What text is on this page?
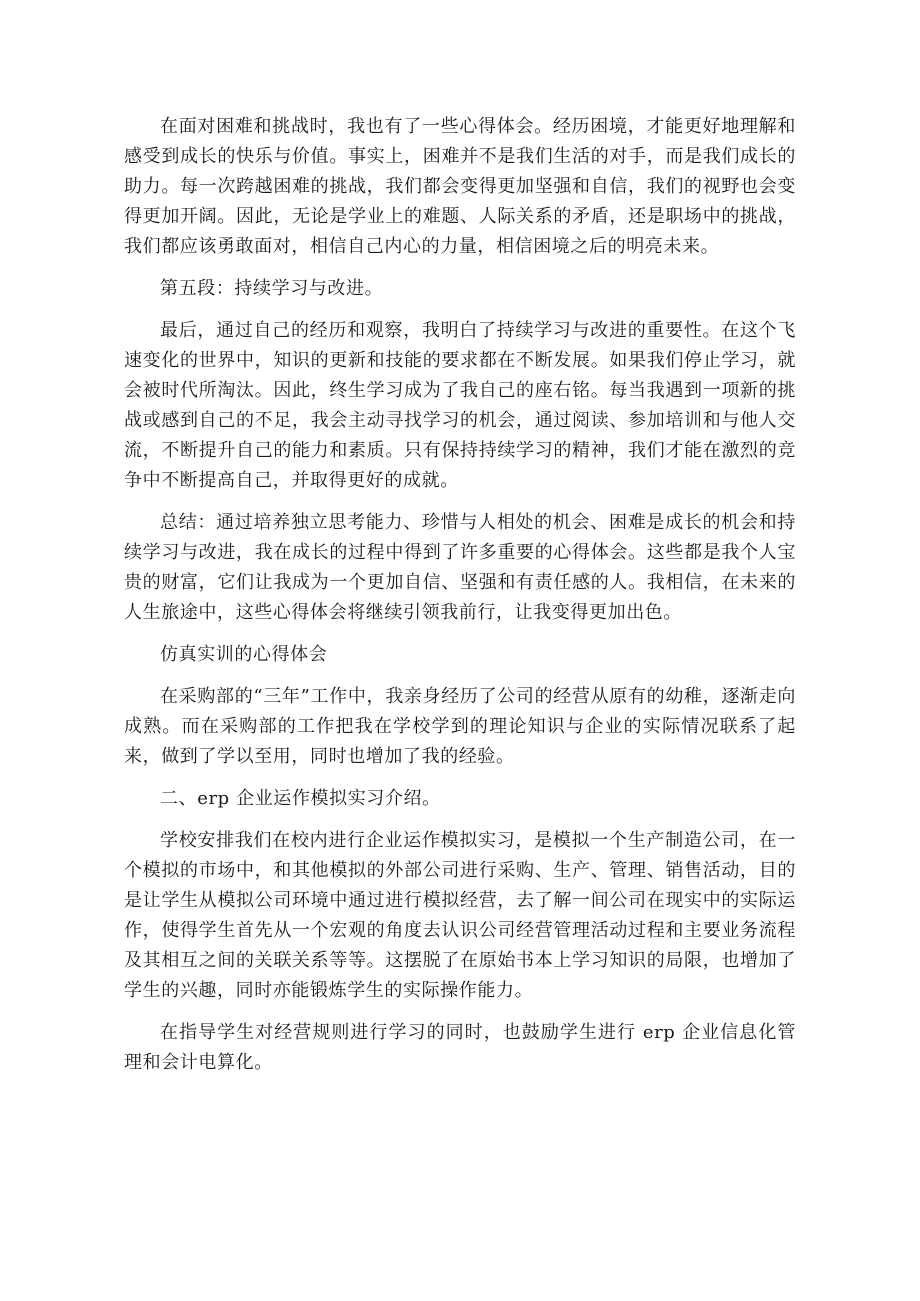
在面对困难和挑战时，我也有了一些心得体会。经历困境，才能更好地理解和感受到成长的快乐与价值。事实上，困难并不是我们生活的对手，而是我们成长的助力。每一次跨越困难的挑战，我们都会变得更加坚强和自信，我们的视野也会变得更加开阔。因此，无论是学业上的难题、人际关系的矛盾，还是职场中的挑战，我们都应该勇敢面对，相信自己内心的力量，相信困境之后的明亮未来。

第五段：持续学习与改进。

最后，通过自己的经历和观察，我明白了持续学习与改进的重要性。在这个飞速变化的世界中，知识的更新和技能的要求都在不断发展。如果我们停止学习，就会被时代所淘汰。因此，终生学习成为了我自己的座右铭。每当我遇到一项新的挑战或感到自己的不足，我会主动寻找学习的机会，通过阅读、参加培训和与他人交流，不断提升自己的能力和素质。只有保持持续学习的精神，我们才能在激烈的竞争中不断提高自己，并取得更好的成就。

总结：通过培养独立思考能力、珍惜与人相处的机会、困难是成长的机会和持续学习与改进，我在成长的过程中得到了许多重要的心得体会。这些都是我个人宝贵的财富，它们让我成为一个更加自信、坚强和有责任感的人。我相信，在未来的人生旅途中，这些心得体会将继续引领我前行，让我变得更加出色。

仿真实训的心得体会

在采购部的“三年”工作中，我亲身经历了公司的经营从原有的幼稚，逐渐走向成熟。而在采购部的工作把我在学校学到的理论知识与企业的实际情况联系了起来，做到了学以至用，同时也增加了我的经验。

二、erp 企业运作模拟实习介绍。

学校安排我们在校内进行企业运作模拟实习，是模拟一个生产制造公司，在一个模拟的市场中，和其他模拟的外部公司进行采购、生产、管理、销售活动，目的是让学生从模拟公司环境中通过进行模拟经营，去了解一间公司在现实中的实际运作，使得学生首先从一个宏观的角度去认识公司经营管理活动过程和主要业务流程及其相互之间的关联关系等等。这摆脱了在原始书本上学习知识的局限，也增加了学生的兴趣，同时亦能锻炼学生的实际操作能力。

在指导学生对经营规则进行学习的同时，也鼓励学生进行 erp 企业信息化管理和会计电算化。
